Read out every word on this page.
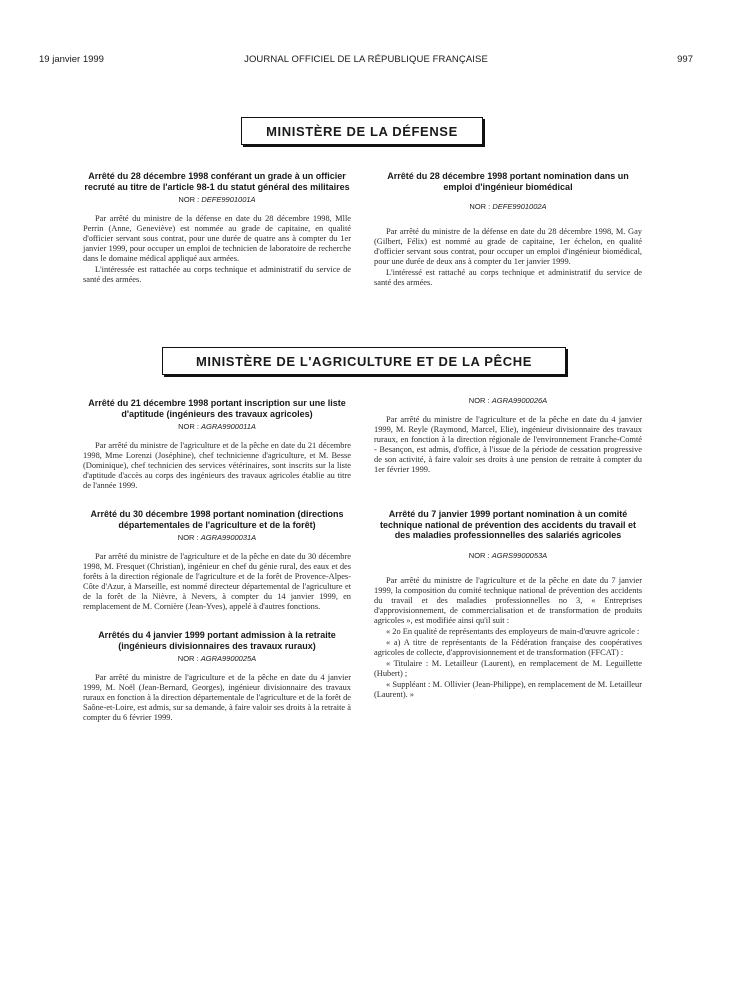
19 janvier 1999	JOURNAL OFFICIEL DE LA RÉPUBLIQUE FRANÇAISE	997
MINISTÈRE DE LA DÉFENSE
Arrêté du 28 décembre 1998 conférant un grade à un officier recruté au titre de l'article 98-1 du statut général des militaires
NOR : DEFE9901001A

Par arrêté du ministre de la défense en date du 28 décembre 1998, Mlle Perrin (Anne, Geneviève) est nommée au grade de capitaine, en qualité d'officier servant sous contrat, pour une durée de quatre ans à compter du 1er janvier 1999, pour occuper un emploi de technicien de laboratoire de recherche dans le domaine médical appliqué aux armées.

L'intéressée est rattachée au corps technique et administratif du service de santé des armées.

Arrêté du 28 décembre 1998 portant nomination dans un emploi d'ingénieur biomédical
NOR : DEFE9901002A

Par arrêté du ministre de la défense en date du 28 décembre 1998, M. Gay (Gilbert, Félix) est nommé au grade de capitaine, 1er échelon, en qualité d'officier servant sous contrat, pour occuper un emploi d'ingénieur biomédical, pour une durée de deux ans à compter du 1er janvier 1999.

L'intéressé est rattaché au corps technique et administratif du service de santé des armées.

MINISTÈRE DE L'AGRICULTURE ET DE LA PÊCHE
Arrêté du 21 décembre 1998 portant inscription sur une liste d'aptitude (ingénieurs des travaux agricoles)
NOR : AGRA9900011A

Par arrêté du ministre de l'agriculture et de la pêche en date du 21 décembre 1998, Mme Lorenzi (Joséphine), chef technicienne d'agriculture, et M. Besse (Dominique), chef technicien des services vétérinaires, sont inscrits sur la liste d'aptitude d'accès au corps des ingénieurs des travaux agricoles établie au titre de l'année 1999.

Arrêté du 30 décembre 1998 portant nomination (directions départementales de l'agriculture et de la forêt)
NOR : AGRA9900031A

Par arrêté du ministre de l'agriculture et de la pêche en date du 30 décembre 1998, M. Fresquet (Christian), ingénieur en chef du génie rural, des eaux et des forêts à la direction régionale de l'agriculture et de la forêt de Provence-Alpes-Côte d'Azur, à Marseille, est nommé directeur départemental de l'agriculture et de la forêt de la Nièvre, à Nevers, à compter du 14 janvier 1999, en remplacement de M. Cornière (Jean-Yves), appelé à d'autres fonctions.

Arrêtés du 4 janvier 1999 portant admission à la retraite (ingénieurs divisionnaires des travaux ruraux)
NOR : AGRA9900025A

Par arrêté du ministre de l'agriculture et de la pêche en date du 4 janvier 1999, M. Noël (Jean-Bernard, Georges), ingénieur divisionnaire des travaux ruraux en fonction à la direction départementale de l'agriculture et de la forêt de Saône-et-Loire, est admis, sur sa demande, à faire valoir ses droits à la retraite à compter du 6 février 1999.

NOR : AGRA9900026A

Par arrêté du ministre de l'agriculture et de la pêche en date du 4 janvier 1999, M. Reyle (Raymond, Marcel, Elie), ingénieur divisionnaire des travaux ruraux, en fonction à la direction régionale de l'environnement Franche-Comté - Besançon, est admis, d'office, à l'issue de la période de cessation progressive de son activité, à faire valoir ses droits à une pension de retraite à compter du 1er février 1999.

Arrêté du 7 janvier 1999 portant nomination à un comité technique national de prévention des accidents du travail et des maladies professionnelles des salariés agricoles
NOR : AGRS9900053A

Par arrêté du ministre de l'agriculture et de la pêche en date du 7 janvier 1999, la composition du comité technique national de prévention des accidents du travail et des maladies professionnelles no 3, « Entreprises d'approvisionnement, de commercialisation et de transformation de produits agricoles », est modifiée ainsi qu'il suit :

« 2o En qualité de représentants des employeurs de main-d'œuvre agricole :

« a) A titre de représentants de la Fédération française des coopératives agricoles de collecte, d'approvisionnement et de transformation (FFCAT) :

« Titulaire : M. Letailleur (Laurent), en remplacement de M. Leguillette (Hubert) ;

« Suppléant : M. Ollivier (Jean-Philippe), en remplacement de M. Letailleur (Laurent). »
